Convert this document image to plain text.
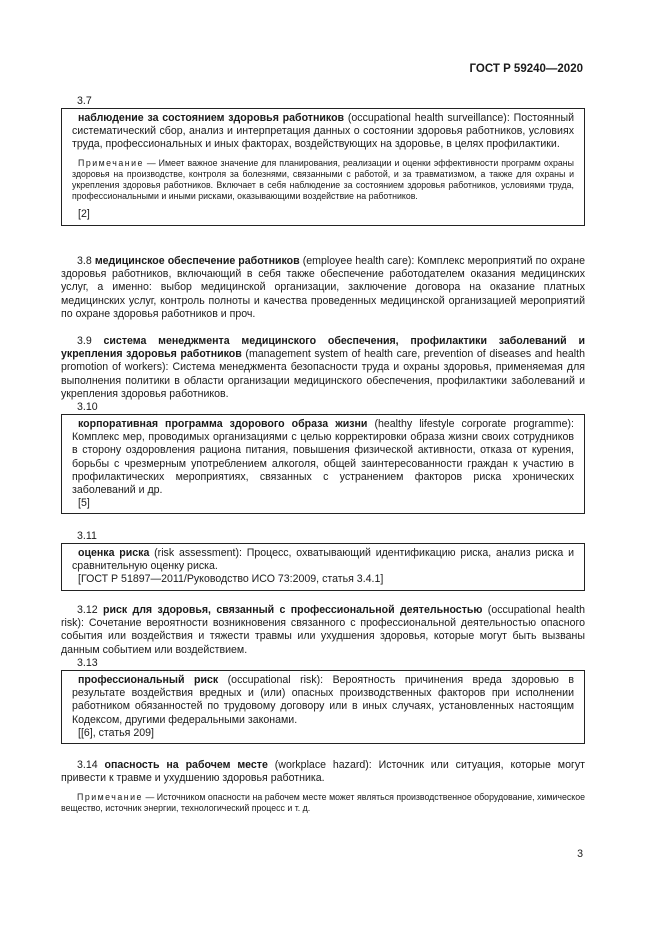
ГОСТ Р 59240—2020
3.7

наблюдение за состоянием здоровья работников (occupational health surveillance): Постоянный систематический сбор, анализ и интерпретация данных о состоянии здоровья работников, условиях труда, профессиональных и иных факторах, воздействующих на здоровье, в целях профилактики.

Примечание — Имеет важное значение для планирования, реализации и оценки эффективности программ охраны здоровья на производстве, контроля за болезнями, связанными с работой, и за травматизмом, а также для охраны и укрепления здоровья работников. Включает в себя наблюдение за состоянием здоровья работников, условиями труда, профессиональными и иными рисками, оказывающими воздействие на работников.

[2]

3.8 медицинское обеспечение работников (employee health care): Комплекс мероприятий по охране здоровья работников, включающий в себя также обеспечение работодателем оказания медицинских услуг, а именно: выбор медицинской организации, заключение договора на оказание платных медицинских услуг, контроль полноты и качества проведенных медицинской организацией мероприятий по охране здоровья работников и проч.

3.9 система менеджмента медицинского обеспечения, профилактики заболеваний и укрепления здоровья работников (management system of health care, prevention of diseases and health promotion of workers): Система менеджмента безопасности труда и охраны здоровья, применяемая для выполнения политики в области организации медицинского обеспечения, профилактики заболеваний и укрепления здоровья работников.

3.10

корпоративная программа здорового образа жизни (healthy lifestyle corporate programme): Комплекс мер, проводимых организациями с целью корректировки образа жизни своих сотрудников в сторону оздоровления рациона питания, повышения физической активности, отказа от курения, борьбы с чрезмерным употреблением алкоголя, общей заинтересованности граждан к участию в профилактических мероприятиях, связанных с устранением факторов риска хронических заболеваний и др.

[5]

3.11

оценка риска (risk assessment): Процесс, охватывающий идентификацию риска, анализ риска и сравнительную оценку риска.

[ГОСТ Р 51897—2011/Руководство ИСО 73:2009, статья 3.4.1]

3.12 риск для здоровья, связанный с профессиональной деятельностью (occupational health risk): Сочетание вероятности возникновения связанного с профессиональной деятельностью опасного события или воздействия и тяжести травмы или ухудшения здоровья, которые могут быть вызваны данным событием или воздействием.

3.13

профессиональный риск (occupational risk): Вероятность причинения вреда здоровью в результате воздействия вредных и (или) опасных производственных факторов при исполнении работником обязанностей по трудовому договору или в иных случаях, установленных настоящим Кодексом, другими федеральными законами.

[[6], статья 209]

3.14 опасность на рабочем месте (workplace hazard): Источник или ситуация, которые могут привести к травме и ухудшению здоровья работника.

Примечание — Источником опасности на рабочем месте может являться производственное оборудование, химическое вещество, источник энергии, технологический процесс и т. д.

3
